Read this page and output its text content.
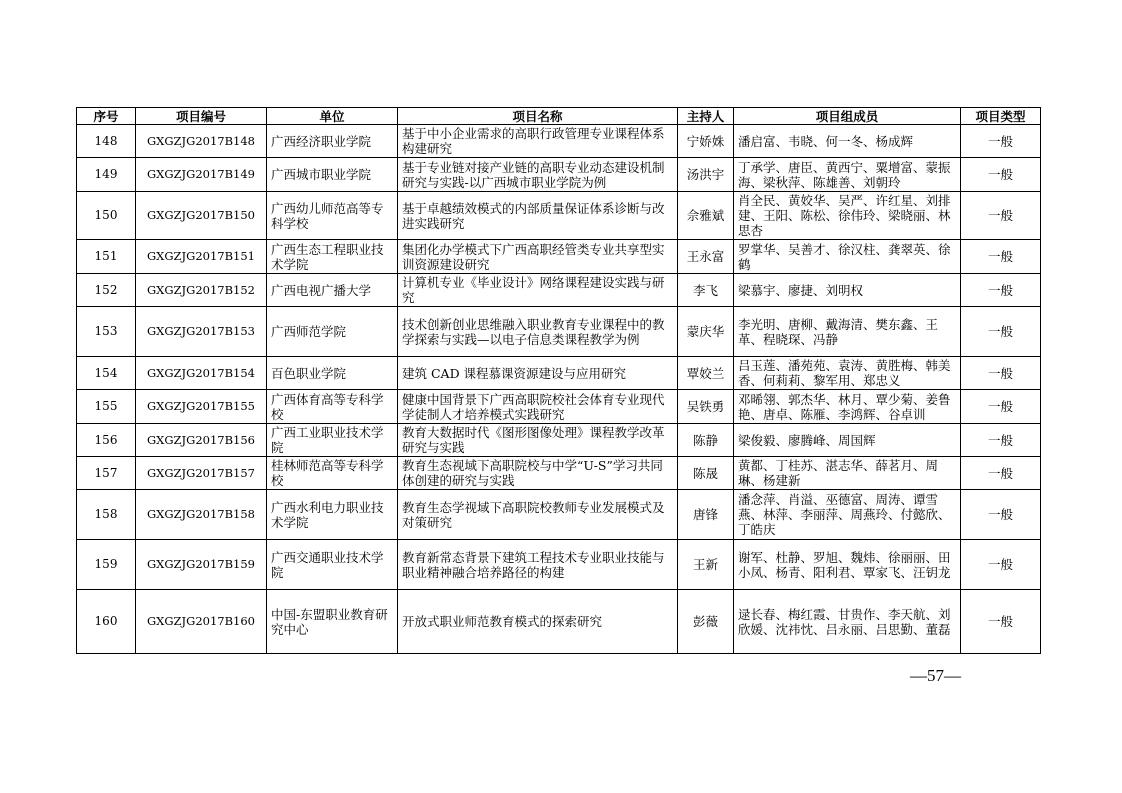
序号	项目编号	单位	项目名称	主持人	项目组成员	项目类型
148	GXGZJG2017B148	广西经济职业学院	基于中小企业需求的高职行政管理专业课程体系构建研究	宁娇姝	潘启富、韦晓、何一冬、杨成辉	一般
149	GXGZJG2017B149	广西城市职业学院	基于专业链对接产业链的高职专业动态建设机制研究与实践-以广西城市职业学院为例	汤洪宇	丁承学、唐臣、黄西宁、粟增富、蒙振海、梁秋萍、陈雄善、刘朝玲	一般
150	GXGZJG2017B150	广西幼儿师范高等专科学校	基于卓越绩效模式的内部质量保证体系诊断与改进实践研究	佘雅斌	肖全民、黄姣华、吴严、许红星、刘排建、王阳、陈松、徐伟玲、梁晓丽、林思杏	一般
151	GXGZJG2017B151	广西生态工程职业技术学院	集团化办学模式下广西高职经管类专业共享型实训资源建设研究	王永富	罗掌华、吴善才、徐汉柱、龚翠英、徐鹤	一般
152	GXGZJG2017B152	广西电视广播大学	计算机专业《毕业设计》网络课程建设实践与研究	李飞	梁慕宇、廖捷、刘明权	一般
153	GXGZJG2017B153	广西师范学院	技术创新创业思维融入职业教育专业课程中的教学探索与实践—以电子信息类课程教学为例	蒙庆华	李光明、唐柳、戴海清、樊东鑫、王革、程晓琛、冯静	一般
154	GXGZJG2017B154	百色职业学院	建筑 CAD 课程慕课资源建设与应用研究	覃姣兰	吕玉莲、潘苑苑、袁涛、黄胜梅、韩美香、何莉莉、黎军用、郑忠义	一般
155	GXGZJG2017B155	广西体育高等专科学校	健康中国背景下广西高职院校社会体育专业现代学徒制人才培养模式实践研究	吴铁勇	邓晞翎、郭杰华、林月、覃少菊、姜鲁艳、唐卓、陈雁、李鸿辉、谷卓训	一般
156	GXGZJG2017B156	广西工业职业技术学院	教育大数据时代《图形图像处理》课程教学改革研究与实践	陈静	梁俊毅、廖腾峰、周国辉	一般
157	GXGZJG2017B157	桂林师范高等专科学校	教育生态视域下高职院校与中学“U-S”学习共同体创建的研究与实践	陈晟	黄都、丁桂苏、湛志华、薛茗月、周琳、杨建新	一般
158	GXGZJG2017B158	广西水利电力职业技术学院	教育生态学视域下高职院校教师专业发展模式及对策研究	唐锋	潘念萍、肖溢、巫德富、周涛、谭雪燕、林萍、李丽萍、周燕玲、付懿欣、丁皓庆	一般
159	GXGZJG2017B159	广西交通职业技术学院	教育新常态背景下建筑工程技术专业职业技能与职业精神融合培养路径的构建	王新	谢军、杜静、罗旭、魏炜、徐丽丽、田小凤、杨青、阳利君、覃家飞、汪钥龙	一般
160	GXGZJG2017B160	中国-东盟职业教育研究中心	开放式职业师范教育模式的探索研究	彭薇	逯长春、梅红霞、甘贵作、李天航、刘欣媛、沈祎忱、吕永丽、吕思勤、董磊	一般
—57—
